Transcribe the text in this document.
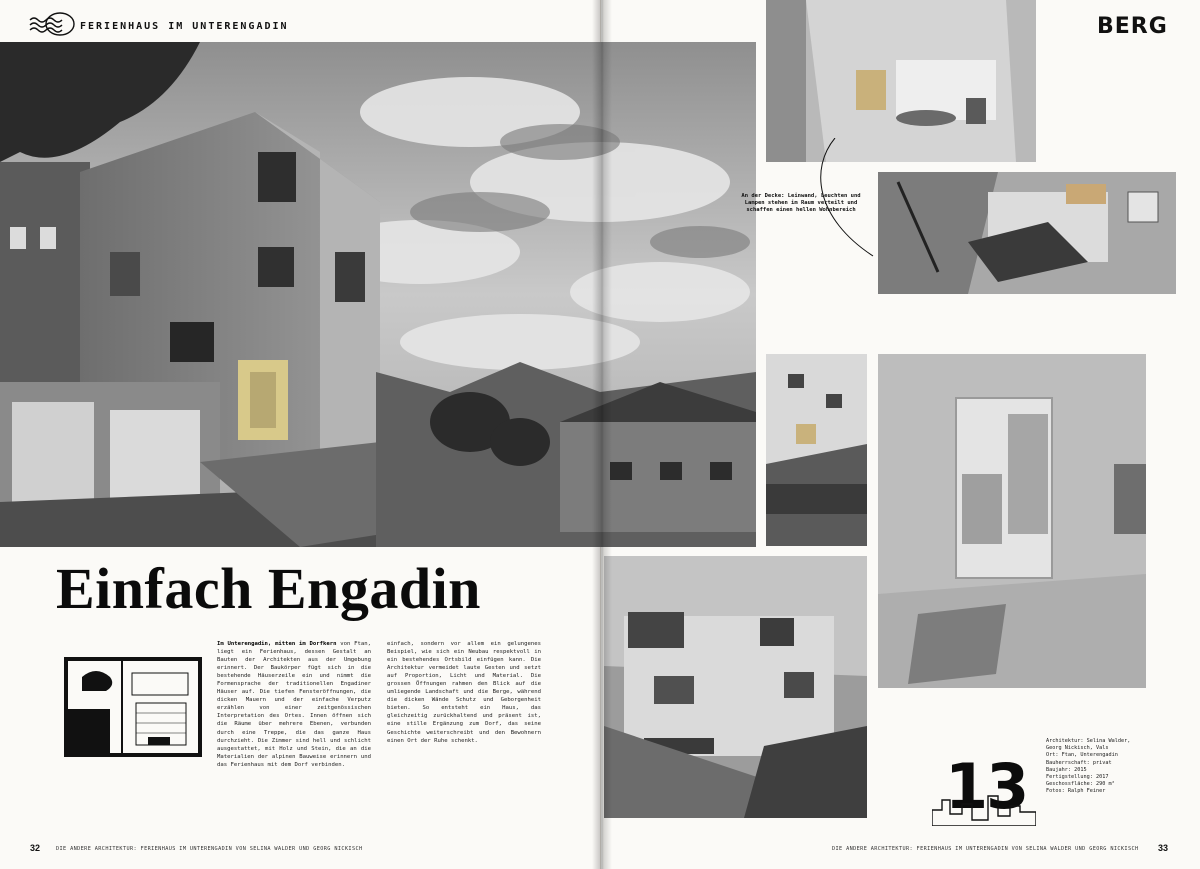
FERIENHAUS IM UNTERENGADIN	BERG
Einfach Engadin
Im Unterengadin, mitten im Dorfkern von Ftan, liegt ein Ferienhaus, dessen Gestalt an Bauten der Architekten aus der Umgebung erinnert. Der Baukörper fügt sich in die bestehende Häuserzeile ein und nimmt die Formensprache der traditionellen Engadiner Häuser auf. Die tiefen Fensteröffnungen, die dicken Mauern und der einfache Verputz erzählen von einer zeitgenössischen Interpretation des Ortes. Innen öffnen sich die Räume über mehrere Ebenen, verbunden durch eine Treppe, die das ganze Haus durchzieht. Die Zimmer sind hell und schlicht ausgestattet, mit Holz und Stein, die an die Materialien der alpinen Bauweise erinnern und das Ferienhaus mit dem Dorf verbinden.
einfach, sondern vor allem ein gelungenes Beispiel, wie sich ein Neubau respektvoll in ein bestehendes Ortsbild einfügen kann. Die Architektur vermeidet laute Gesten und setzt auf Proportion, Licht und Material. Die grossen Öffnungen rahmen den Blick auf die umliegende Landschaft und die Berge, während die dicken Wände Schutz und Geborgenheit bieten. So entsteht ein Haus, das gleichzeitig zurückhaltend und präsent ist, eine stille Ergänzung zum Dorf, das seine Geschichte weiterschreibt und den Bewohnern einen Ort der Ruhe schenkt.
An der Decke: Leinwand, Leuchten und Lampen stehen im Raum verteilt und schaffen einen hellen Wohnbereich
13
Architektur: Selina Walder,
Georg Nickisch, Vals
Ort: Ftan, Unterengadin
Bauherrschaft: privat
Baujahr: 2015
Fertigstellung: 2017
Geschossfläche: 290 m²
Fotos: Ralph Feiner
32	DIE ANDERE ARCHITEKTUR: FERIENHAUS IM UNTERENGADIN VON SELINA WALDER UND GEORG NICKISCH	DIE ANDERE ARCHITEKTUR: FERIENHAUS IM UNTERENGADIN VON SELINA WALDER UND GEORG NICKISCH 33
